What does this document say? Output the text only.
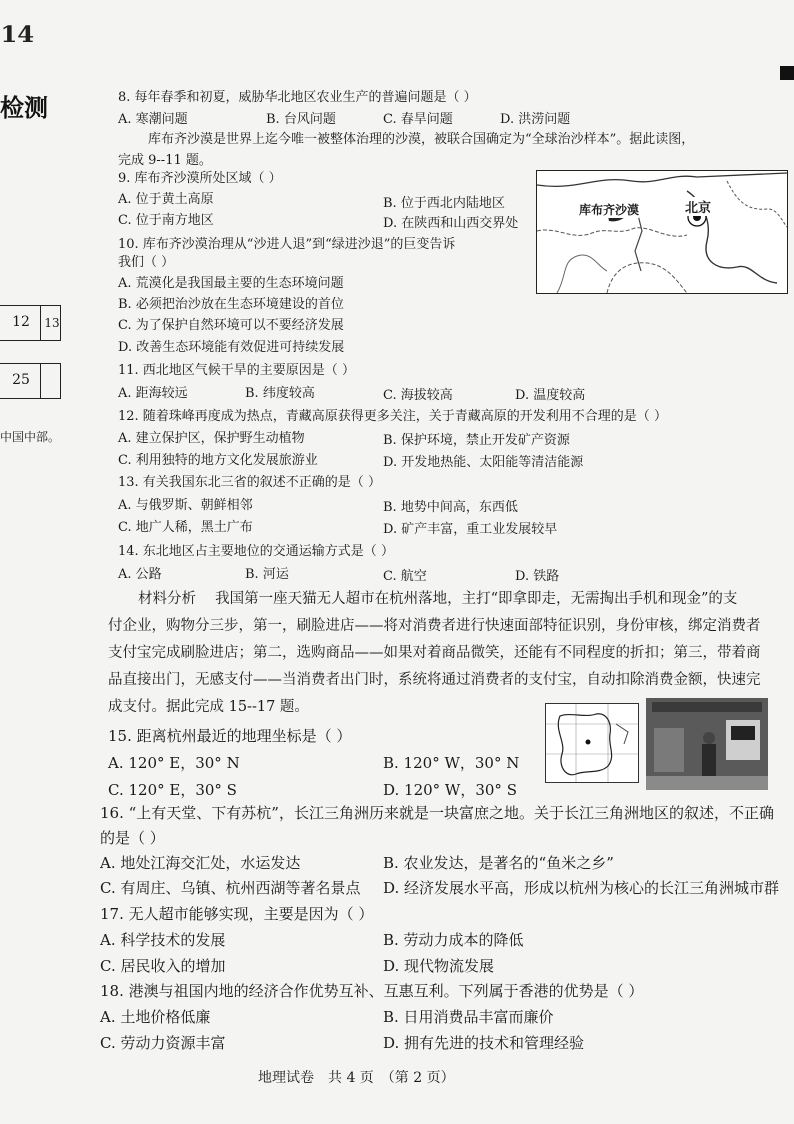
14
检测
12	13
25
中国中部。
8. 每年春季和初夏，威胁华北地区农业生产的普遍问题是（ ）
A. 寒潮问题	B. 台风问题	C. 春旱问题	D. 洪涝问题
库布齐沙漠是世界上迄今唯一被整体治理的沙漠，被联合国确定为“全球治沙样本”。据此读图，
完成 9--11 题。
9. 库布齐沙漠所处区域（ ）
A. 位于黄土高原	B. 位于西北内陆地区
C. 位于南方地区	D. 在陕西和山西交界处
库布齐沙漠	北京
10. 库布齐沙漠治理从“沙进人退”到“绿进沙退”的巨变告诉
我们（ ）
A. 荒漠化是我国最主要的生态环境问题
B. 必须把治沙放在生态环境建设的首位
C. 为了保护自然环境可以不要经济发展
D. 改善生态环境能有效促进可持续发展
11. 西北地区气候干旱的主要原因是（ ）
A. 距海较远	B. 纬度较高	C. 海拔较高	D. 温度较高
12. 随着珠峰再度成为热点，青藏高原获得更多关注，关于青藏高原的开发利用不合理的是（ ）
A. 建立保护区，保护野生动植物	B. 保护环境，禁止开发矿产资源
C. 利用独特的地方文化发展旅游业	D. 开发地热能、太阳能等清洁能源
13. 有关我国东北三省的叙述不正确的是（ ）
A. 与俄罗斯、朝鲜相邻	B. 地势中间高，东西低
C. 地广人稀，黑土广布	D. 矿产丰富，重工业发展较早
14. 东北地区占主要地位的交通运输方式是（ ）
A. 公路	B. 河运	C. 航空	D. 铁路
材料分析　 我国第一座天猫无人超市在杭州落地，主打“即拿即走，无需掏出手机和现金”的支
付企业，购物分三步，第一，刷脸进店——将对消费者进行快速面部特征识别，身份审核，绑定消费者
支付宝完成刷脸进店；第二，选购商品——如果对着商品微笑，还能有不同程度的折扣；第三，带着商
品直接出门，无感支付——当消费者出门时，系统将通过消费者的支付宝，自动扣除消费金额，快速完
成支付。据此完成 15--17 题。
15. 距离杭州最近的地理坐标是（ ）
A. 120° E，30° N	B. 120° W，30° N
C. 120° E，30° S	D. 120° W，30° S
16. “上有天堂、下有苏杭”，长江三角洲历来就是一块富庶之地。关于长江三角洲地区的叙述，不正确
的是（ ）
A. 地处江海交汇处，水运发达	B. 农业发达，是著名的“鱼米之乡”
C. 有周庄、乌镇、杭州西湖等著名景点 D. 经济发展水平高，形成以杭州为核心的长江三角洲城市群
17. 无人超市能够实现，主要是因为（ ）
A. 科学技术的发展	B. 劳动力成本的降低
C. 居民收入的增加	D. 现代物流发展
18. 港澳与祖国内地的经济合作优势互补、互惠互利。下列属于香港的优势是（ ）
A. 土地价格低廉	B. 日用消费品丰富而廉价
C. 劳动力资源丰富	D. 拥有先进的技术和管理经验
地理试卷　共 4 页　（第 2 页）
